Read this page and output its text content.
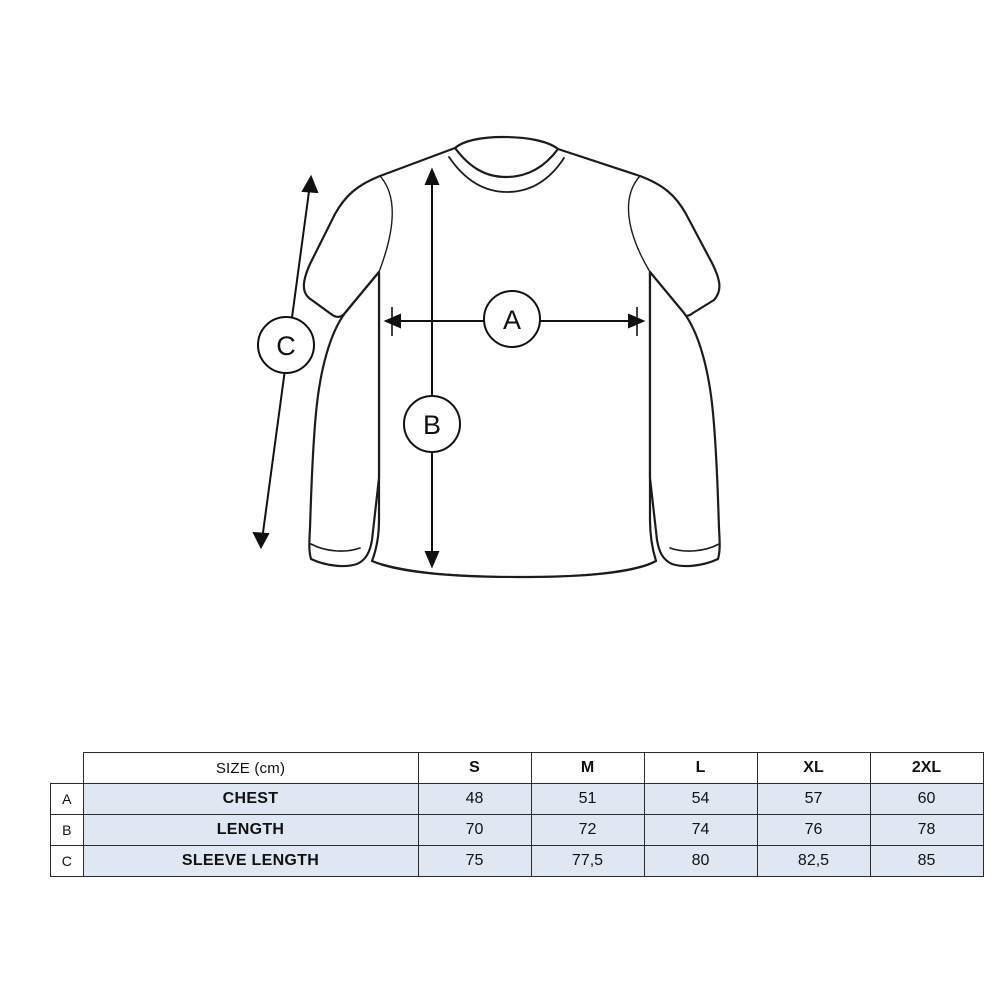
A
B
C
	SIZE (cm)	S	M	L	XL	2XL
A	CHEST	48	51	54	57	60
B	LENGTH	70	72	74	76	78
C	SLEEVE LENGTH	75	77,5	80	82,5	85
